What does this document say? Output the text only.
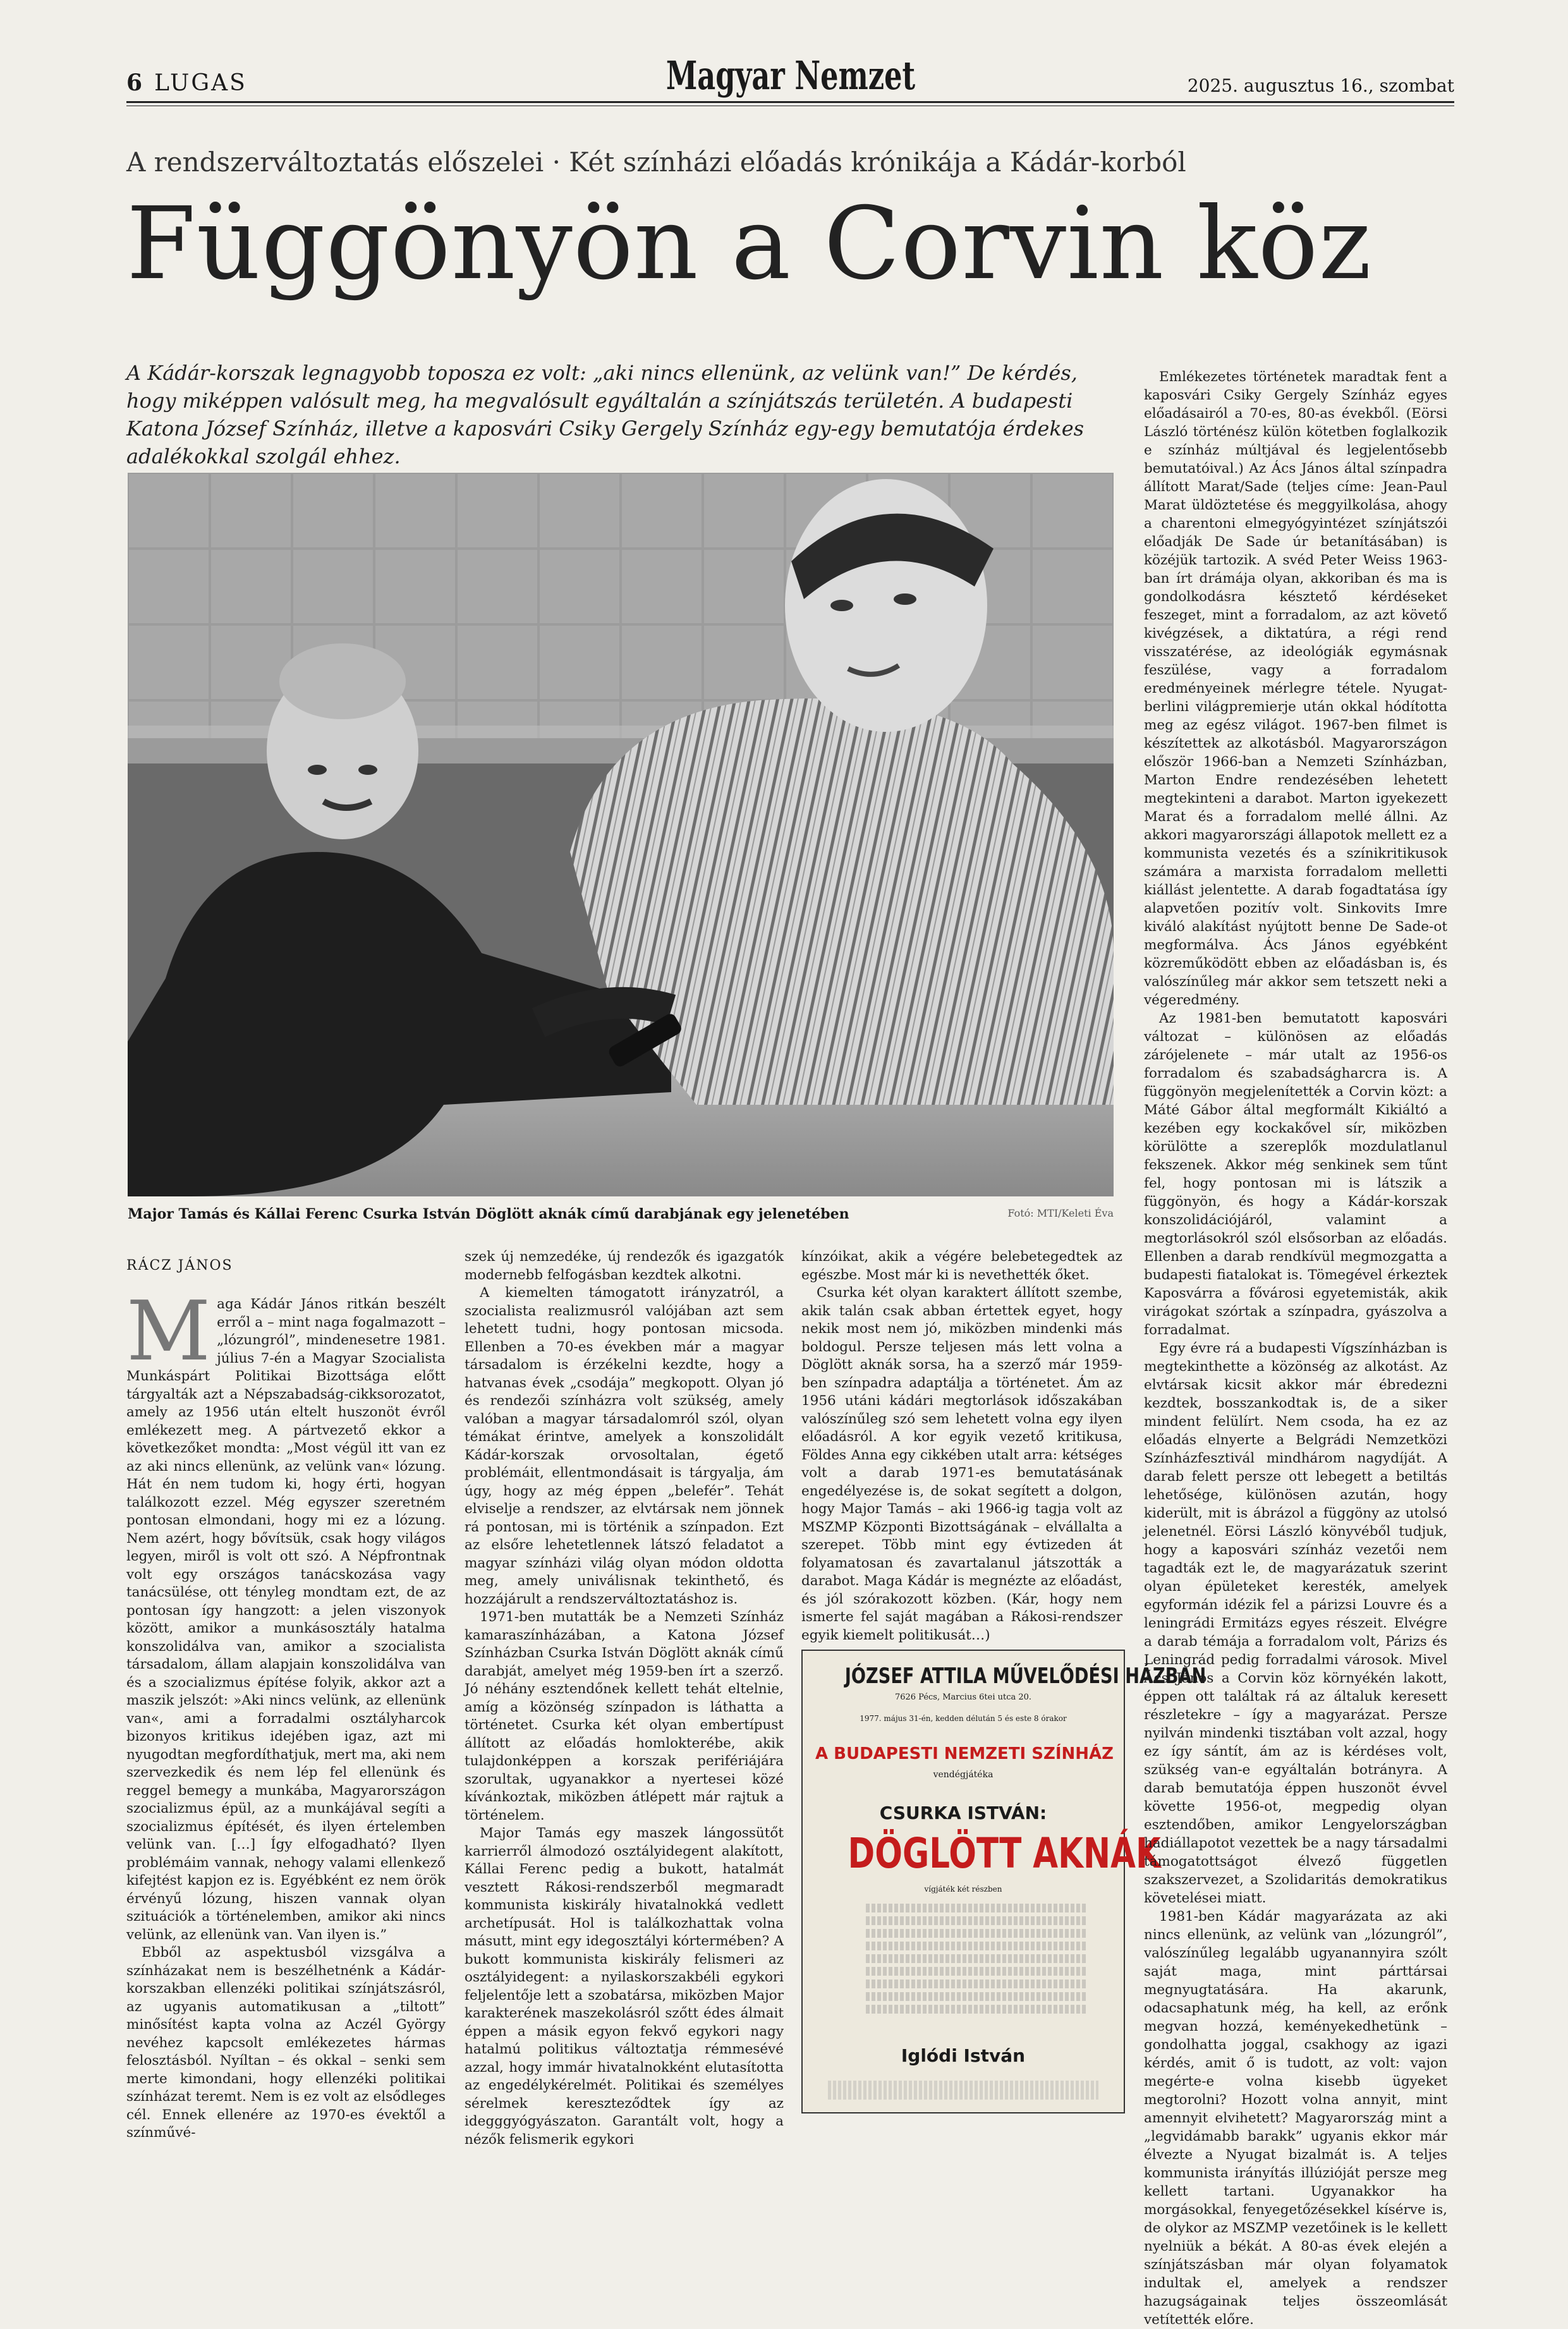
6 LUGAS	Magyar Nemzet	2025. augusztus 16., szombat
A rendszerváltoztatás előszelei · Két színházi előadás krónikája a Kádár-korból
Függönyön a Corvin köz
A Kádár-korszak legnagyobb toposza ez volt: „aki nincs ellenünk, az velünk van!” De kérdés, hogy miképpen valósult meg, ha megvalósult egyáltalán a színjátszás területén. A budapesti Katona József Színház, illetve a kaposvári Csiky Gergely Színház egy-egy bemutatója érdekes adalékokkal szolgál ehhez.
Major Tamás és Kállai Ferenc Csurka István Döglött aknák című darabjának egy jelenetében	Fotó: MTI/Keleti Éva
RÁCZ JÁNOS
M aga Kádár János ritkán beszélt erről a – mint naga fogalmazott – „lózungról”, mindenesetre 1981. július 7-én a Magyar Szocialista Munkáspárt Politikai Bizottsága előtt tárgyalták azt a Népszabadság-cikksorozatot, amely az 1956 után eltelt huszonöt évről emlékezett meg. A pártvezető ekkor a következőket mondta: „Most végül itt van ez az aki nincs ellenünk, az velünk van« lózung. Hát én nem tudom ki, hogy érti, hogyan találkozott ezzel. Még egyszer szeretném pontosan elmondani, hogy mi ez a lózung. Nem azért, hogy bővítsük, csak hogy világos legyen, miről is volt ott szó. A Népfrontnak volt egy országos tanácskozása vagy tanácsülése, ott tényleg mondtam ezt, de az pontosan így hangzott: a jelen viszonyok között, amikor a munkásosztály hatalma konszolidálva van, amikor a szocialista társadalom, állam alapjain konszolidálva van és a szocializmus építése folyik, akkor azt a maszik jelszót: »Aki nincs velünk, az ellenünk van«, ami a forradalmi osztályharcok bizonyos kritikus idejében igaz, azt mi nyugodtan megfordíthatjuk, mert ma, aki nem szervezkedik és nem lép fel ellenünk és reggel bemegy a munkába, Magyarországon szocializmus épül, az a munkájával segíti a szocializmus építését, és ilyen értelemben velünk van. […] Így elfogadható? Ilyen problémáim vannak, nehogy valami ellenkező kifejtést kapjon ez is. Egyébként ez nem örök érvényű lózung, hiszen vannak olyan szituációk a történelemben, amikor aki nincs velünk, az ellenünk van. Van ilyen is.”

Ebből az aspektusból vizsgálva a színházakat nem is beszélhetnénk a Kádár-korszakban ellenzéki politikai színjátszásról, az ugyanis automatikusan a „tiltott” minősítést kapta volna az Aczél György nevéhez kapcsolt emlékezetes hármas felosztásból. Nyíltan – és okkal – senki sem merte kimondani, hogy ellenzéki politikai színházat teremt. Nem is ez volt az elsődleges cél. Ennek ellenére az 1970-es évektől a színművé-

szek új nemzedéke, új rendezők és igazgatók modernebb felfogásban kezdtek alkotni.

A kiemelten támogatott irányzatról, a szocialista realizmusról valójában azt sem lehetett tudni, hogy pontosan micsoda. Ellenben a 70-es években már a magyar társadalom is érzékelni kezdte, hogy a hatvanas évek „csodája” megkopott. Olyan jó és rendezői színházra volt szükség, amely valóban a magyar társadalomról szól, olyan témákat érintve, amelyek a konszolidált Kádár-korszak orvosoltalan, égető problémáit, ellentmondásait is tárgyalja, ám úgy, hogy az még éppen „beleférˮ. Tehát elviselje a rendszer, az elvtársak nem jönnek rá pontosan, mi is történik a színpadon. Ezt az elsőre lehetetlennek látszó feladatot a magyar színházi világ olyan módon oldotta meg, amely univálisnak tekinthető, és hozzájárult a rendszerváltoztatáshoz is.

1971-ben mutatták be a Nemzeti Színház kamaraszínházában, a Katona József Színházban Csurka István Döglött aknák című darabját, amelyet még 1959-ben írt a szerző. Jó néhány esztendőnek kellett tehát eltelnie, amíg a közönség színpadon is láthatta a történetet. Csurka két olyan embertípust állított az előadás homlokterébe, akik tulajdonképpen a korszak perifériájára szorultak, ugyanakkor a nyertesei közé kívánkoztak, miközben átlépett már rajtuk a történelem.

Major Tamás egy maszek lángossütőt karrierről álmodozó osztályidegent alakított, Kállai Ferenc pedig a bukott, hatalmát vesztett Rákosi-rendszerből megmaradt kommunista kiskirály hivatalnokká vedlett archetípusát. Hol is találkozhattak volna másutt, mint egy idegosztályi kórtermében? A bukott kommunista kiskirály felismeri az osztályidegent: a nyilaskorszakbéli egykori feljelentője lett a szobatársa, miközben Major karakterének maszekolásról szőtt édes álmait éppen a másik egyon fekvő egykori nagy hatalmú politikus változtatja rémmesévé azzal, hogy immár hivatalnokként elutasította az engedélykérelmét. Politikai és személyes sérelmek kereszteződtek így az idegggyógyászaton. Garantált volt, hogy a nézők felismerik egykori

kínzóikat, akik a végére belebetegedtek az egészbe. Most már ki is nevethették őket.

Csurka két olyan karaktert állított szembe, akik talán csak abban értettek egyet, hogy nekik most nem jó, miközben mindenki más boldogul. Persze teljesen más lett volna a Döglött aknák sorsa, ha a szerző már 1959-ben színpadra adaptálja a történetet. Ám az 1956 utáni kádári megtorlások időszakában valószínűleg szó sem lehetett volna egy ilyen előadásról. A kor egyik vezető kritikusa, Földes Anna egy cikkében utalt arra: kétséges volt a darab 1971-es bemutatásának engedélyezése is, de sokat segített a dolgon, hogy Major Tamás – aki 1966-ig tagja volt az MSZMP Központi Bizottságának – elvállalta a szerepet. Több mint egy évtizeden át folyamatosan és zavartalanul játszották a darabot. Maga Kádár is megnézte az előadást, és jól szórakozott közben. (Kár, hogy nem ismerte fel saját magában a Rákosi-rendszer egyik kiemelt politikusát…)

JÓZSEF ATTILA MŰVELŐDÉSI HÁZBAN
7626 Pécs, Marcius 6tei utca 20.
1977. május 31-én, kedden délután 5 és este 8 órakor
A BUDAPESTI NEMZETI SZÍNHÁZ
vendégjátéka
CSURKA ISTVÁN:
DÖGLÖTT AKNÁK
vígjáték két részben
Iglódi István

Emlékezetes történetek maradtak fent a kaposvári Csiky Gergely Színház egyes előadásairól a 70-es, 80-as évekből. (Eörsi László történész külön kötetben foglalkozik e színház múltjával és legjelentősebb bemutatóival.) Az Ács János által színpadra állított Marat/Sade (teljes címe: Jean-Paul Marat üldöztetése és meggyilkolása, ahogy a charentoni elmegyógyintézet színjátszói előadják De Sade úr betanításában) is közéjük tartozik. A svéd Peter Weiss 1963-ban írt drámája olyan, akkoriban és ma is gondolkodásra késztető kérdéseket feszeget, mint a forradalom, az azt követő kivégzések, a diktatúra, a régi rend visszatérése, az ideológiák egymásnak feszülése, vagy a forradalom eredményeinek mérlegre tétele. Nyugat-berlini világpremierje után okkal hódította meg az egész világot. 1967-ben filmet is készítettek az alkotásból. Magyarországon először 1966-ban a Nemzeti Színházban, Marton Endre rendezésében lehetett megtekinteni a darabot. Marton igyekezett Marat és a forradalom mellé állni. Az akkori magyarországi állapotok mellett ez a kommunista vezetés és a színikritikusok számára a marxista forradalom melletti kiállást jelentette. A darab fogadtatása így alapvetően pozitív volt. Sinkovits Imre kiváló alakítást nyújtott benne De Sade-ot megformálva. Ács János egyébként közreműködött ebben az előadásban is, és valószínűleg már akkor sem tetszett neki a végeredmény.

Az 1981-ben bemutatott kaposvári változat – különösen az előadás zárójelenete – már utalt az 1956-os forradalom és szabadságharcra is. A függönyön megjelenítették a Corvin közt: a Máté Gábor által megformált Kikiáltó a kezében egy kockakővel sír, miközben körülötte a szereplők mozdulatlanul fekszenek. Akkor még senkinek sem tűnt fel, hogy pontosan mi is látszik a függönyön, és hogy a Kádár-korszak konszolidációjáról, valamint a megtorlásokról szól elsősorban az előadás. Ellenben a darab rendkívül megmozgatta a budapesti fiatalokat is. Tömegével érkeztek Kaposvárra a fővárosi egyetemisták, akik virágokat szórtak a színpadra, gyászolva a forradalmat.

Egy évre rá a budapesti Vígszínházban is megtekinthette a közönség az alkotást. Az elvtársak kicsit akkor már ébredezni kezdtek, bosszankodtak is, de a siker mindent felülírt. Nem csoda, ha ez az előadás elnyerte a Belgrádi Nemzetközi Színházfesztivál mindhárom nagydíját. A darab felett persze ott lebegett a betiltás lehetősége, különösen azután, hogy kiderült, mit is ábrázol a függöny az utolsó jelenetnél. Eörsi László könyvéből tudjuk, hogy a kaposvári színház vezetői nem tagadták ezt le, de magyarázatuk szerint olyan épületeket keresték, amelyek egyformán idézik fel a párizsi Louvre és a leningrádi Ermitázs egyes részeit. Elvégre a darab témája a forradalom volt, Párizs és Leningrád pedig forradalmi városok. Mivel Ács János a Corvin köz környékén lakott, éppen ott találtak rá az általuk keresett részletekre – így a magyarázat. Persze nyilván mindenki tisztában volt azzal, hogy ez így sántít, ám az is kérdéses volt, szükség van-e egyáltalán botrányra. A darab bemutatója éppen huszonöt évvel követte 1956-ot, megpedig olyan esztendőben, amikor Lengyelországban hadiállapotot vezettek be a nagy társadalmi támogatottságot élvező független szakszervezet, a Szolidaritás demokratikus követelései miatt.

1981-ben Kádár magyarázata az aki nincs ellenünk, az velünk van „lózungról”, valószínűleg legalább ugyanannyira szólt saját maga, mint párttársai megnyugtatására. Ha akarunk, odacsaphatunk még, ha kell, az erőnk megvan hozzá, keményekedhetünk – gondolhatta joggal, csakhogy az igazi kérdés, amit ő is tudott, az volt: vajon megérte-e volna kisebb ügyeket megtorolni? Hozott volna annyit, mint amennyit elvihetett? Magyarország mint a „legvidámabb barakk” ugyanis ekkor már élvezte a Nyugat bizalmát is. A teljes kommunista irányítás illúzióját persze meg kellett tartani. Ugyanakkor ha morgásokkal, fenyegetőzésekkel kísérve is, de olykor az MSZMP vezetőinek is le kellett nyelniük a békát. A 80-as évek elején a színjátszásban már olyan folyamatok indultak el, amelyek a rendszer hazugságainak teljes összeomlását vetítették előre.
